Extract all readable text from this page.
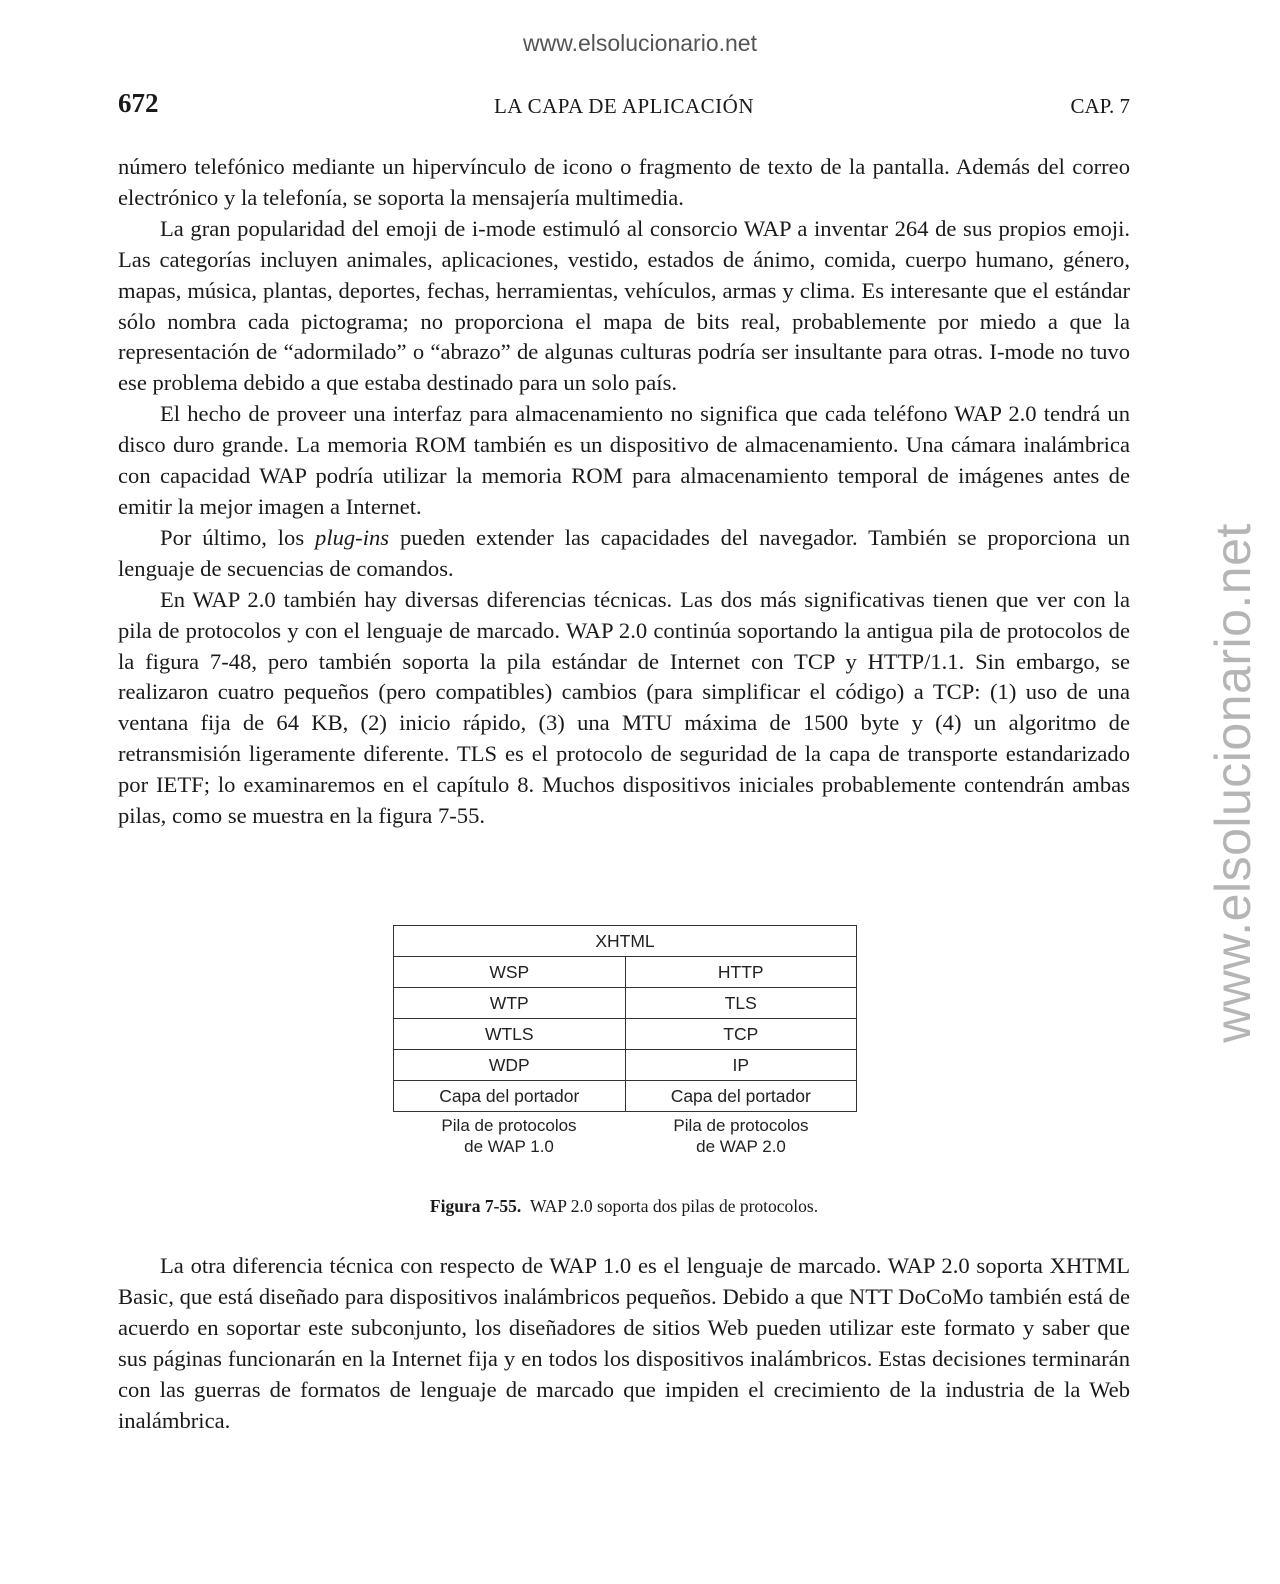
www.elsolucionario.net
www.elsolucionario.net
672	LA CAPA DE APLICACIÓN	CAP. 7

número telefónico mediante un hipervínculo de icono o fragmento de texto de la pantalla. Además del correo electrónico y la telefonía, se soporta la mensajería multimedia.

La gran popularidad del emoji de i-mode estimuló al consorcio WAP a inventar 264 de sus propios emoji. Las categorías incluyen animales, aplicaciones, vestido, estados de ánimo, comida, cuerpo humano, género, mapas, música, plantas, deportes, fechas, herramientas, vehículos, armas y clima. Es interesante que el estándar sólo nombra cada pictograma; no proporciona el mapa de bits real, probablemente por miedo a que la representación de “adormilado” o “abrazo” de algunas culturas podría ser insultante para otras. I-mode no tuvo ese problema debido a que estaba destinado para un solo país.

El hecho de proveer una interfaz para almacenamiento no significa que cada teléfono WAP 2.0 tendrá un disco duro grande. La memoria ROM también es un dispositivo de almacenamiento. Una cámara inalámbrica con capacidad WAP podría utilizar la memoria ROM para almacenamiento temporal de imágenes antes de emitir la mejor imagen a Internet.

Por último, los plug-ins pueden extender las capacidades del navegador. También se proporciona un lenguaje de secuencias de comandos.

En WAP 2.0 también hay diversas diferencias técnicas. Las dos más significativas tienen que ver con la pila de protocolos y con el lenguaje de marcado. WAP 2.0 continúa soportando la antigua pila de protocolos de la figura 7-48, pero también soporta la pila estándar de Internet con TCP y HTTP/1.1. Sin embargo, se realizaron cuatro pequeños (pero compatibles) cambios (para simplificar el código) a TCP: (1) uso de una ventana fija de 64 KB, (2) inicio rápido, (3) una MTU máxima de 1500 byte y (4) un algoritmo de retransmisión ligeramente diferente. TLS es el protocolo de seguridad de la capa de transporte estandarizado por IETF; lo examinaremos en el capítulo 8. Muchos dispositivos iniciales probablemente contendrán ambas pilas, como se muestra en la figura 7-55.

XHTML	
WSP	HTTP
WTP	TLS
WTLS	TCP
WDP	IP
Capa del portador	Capa del portador
Pila de protocolos
de WAP 1.0
Pila de protocolos
de WAP 2.0
Figura 7-55. WAP 2.0 soporta dos pilas de protocolos.

La otra diferencia técnica con respecto de WAP 1.0 es el lenguaje de marcado. WAP 2.0 soporta XHTML Basic, que está diseñado para dispositivos inalámbricos pequeños. Debido a que NTT DoCoMo también está de acuerdo en soportar este subconjunto, los diseñadores de sitios Web pueden utilizar este formato y saber que sus páginas funcionarán en la Internet fija y en todos los dispositivos inalámbricos. Estas decisiones terminarán con las guerras de formatos de lenguaje de marcado que impiden el crecimiento de la industria de la Web inalámbrica.
